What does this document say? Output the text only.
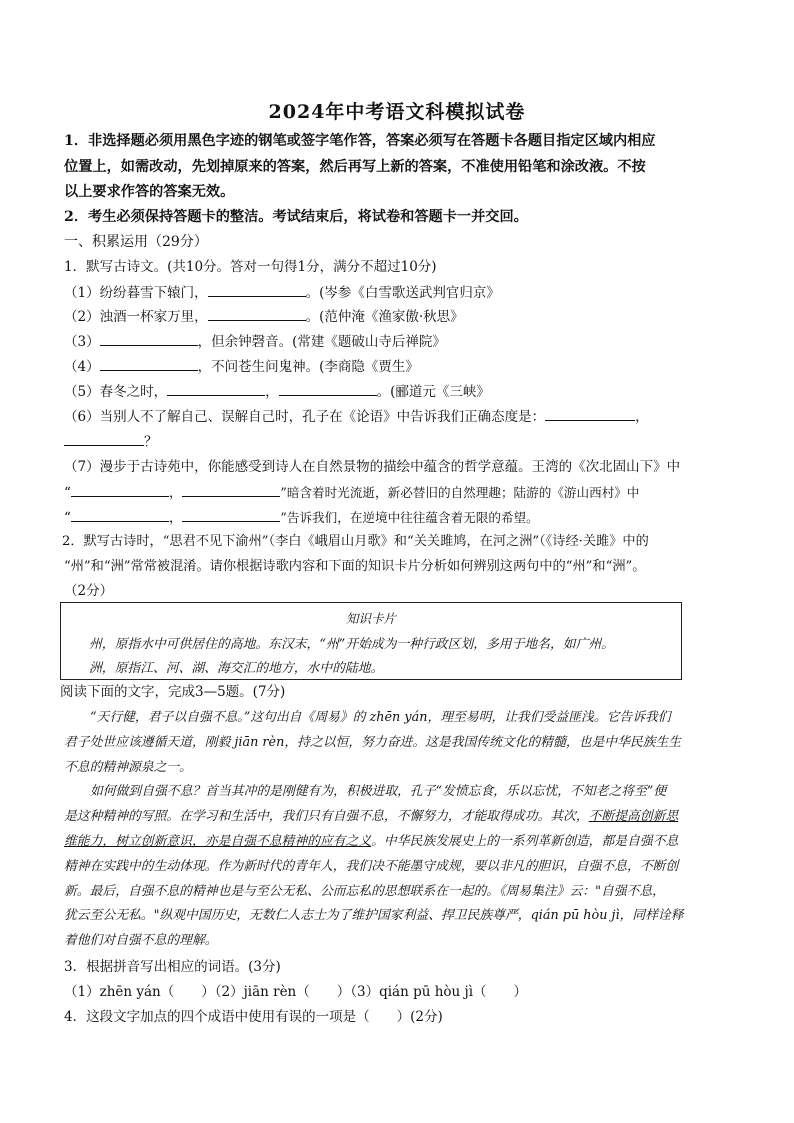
2024年中考语文科模拟试卷
1．非选择题必须用黑色字迹的钢笔或签字笔作答，答案必须写在答题卡各题目指定区域内相应
位置上，如需改动，先划掉原来的答案，然后再写上新的答案，不准使用铅笔和涂改液。不按
以上要求作答的答案无效。
2．考生必须保持答题卡的整洁。考试结束后，将试卷和答题卡一并交回。
一、积累运用（29分）
1．默写古诗文。(共10分。答对一句得1分，满分不超过10分)
（1）纷纷暮雪下辕门，	。(岑参《白雪歌送武判官归京》
（2）浊酒一杯家万里，	。(范仲淹《渔家傲·秋思》
（3）	，但余钟磬音。(常建《题破山寺后禅院》
（4）	，不问苍生问鬼神。(李商隐《贾生》
（5）春冬之时，	，	。(郦道元《三峡》
（6）当别人不了解自己、误解自己时，孔子在《论语》中告诉我们正确态度是：	，
？
（7）漫步于古诗苑中，你能感受到诗人在自然景物的描绘中蕴含的哲学意蕴。王湾的《次北固山下》中
“	，	”暗含着时光流逝，新必替旧的自然理趣；陆游的《游山西村》中
“	，	”告诉我们，在逆境中往往蕴含着无限的希望。
2．默写古诗时，“思君不见下渝州”（李白《峨眉山月歌》和“关关雎鸠，在河之洲”（《诗经·关雎》中的
“州”和“洲”常常被混淆。请你根据诗歌内容和下面的知识卡片分析如何辨别这两句中的“州”和“洲”。
（2分）
知识卡片
州，原指水中可供居住的高地。东汉末，“州”开始成为一种行政区划，多用于地名，如广州。
洲，原指江、河、湖、海交汇的地方，水中的陆地。
阅读下面的文字，完成3—5题。(7分)
“天行健，君子以自强不息。”这句出自《周易》的 zhēn yán，理至易明，让我们受益匪浅。它告诉我们
君子处世应该遵循天道，刚毅 jiān rèn，持之以恒，努力奋进。这是我国传统文化的精髓，也是中华民族生生
不息的精神源泉之一。
如何做到自强不息？首当其冲的是刚健有为，积极进取，孔子“发愤忘食，乐以忘忧，不知老之将至”便
是这种精神的写照。在学习和生活中，我们只有自强不息，不懈努力，才能取得成功。其次，不断提高创新思
维能力，树立创新意识，亦是自强不息精神的应有之义。中华民族发展史上的一系列革新创造，都是自强不息
精神在实践中的生动体现。作为新时代的青年人，我们决不能墨守成规，要以非凡的胆识，自强不息，不断创
新。最后，自强不息的精神也是与至公无私、公而忘私的思想联系在一起的。《周易集注》云："自强不息，
犹云至公无私。"纵观中国历史，无数仁人志士为了维护国家利益、捍卫民族尊严，qián pū hòu jì，同样诠释
着他们对自强不息的理解。
3．根据拼音写出相应的词语。(3分)
（1）zhēn yán（　　）（2）jiān rèn（　　）（3）qián pū hòu jì（　　）
4．这段文字加点的四个成语中使用有误的一项是（　　）(2分)
